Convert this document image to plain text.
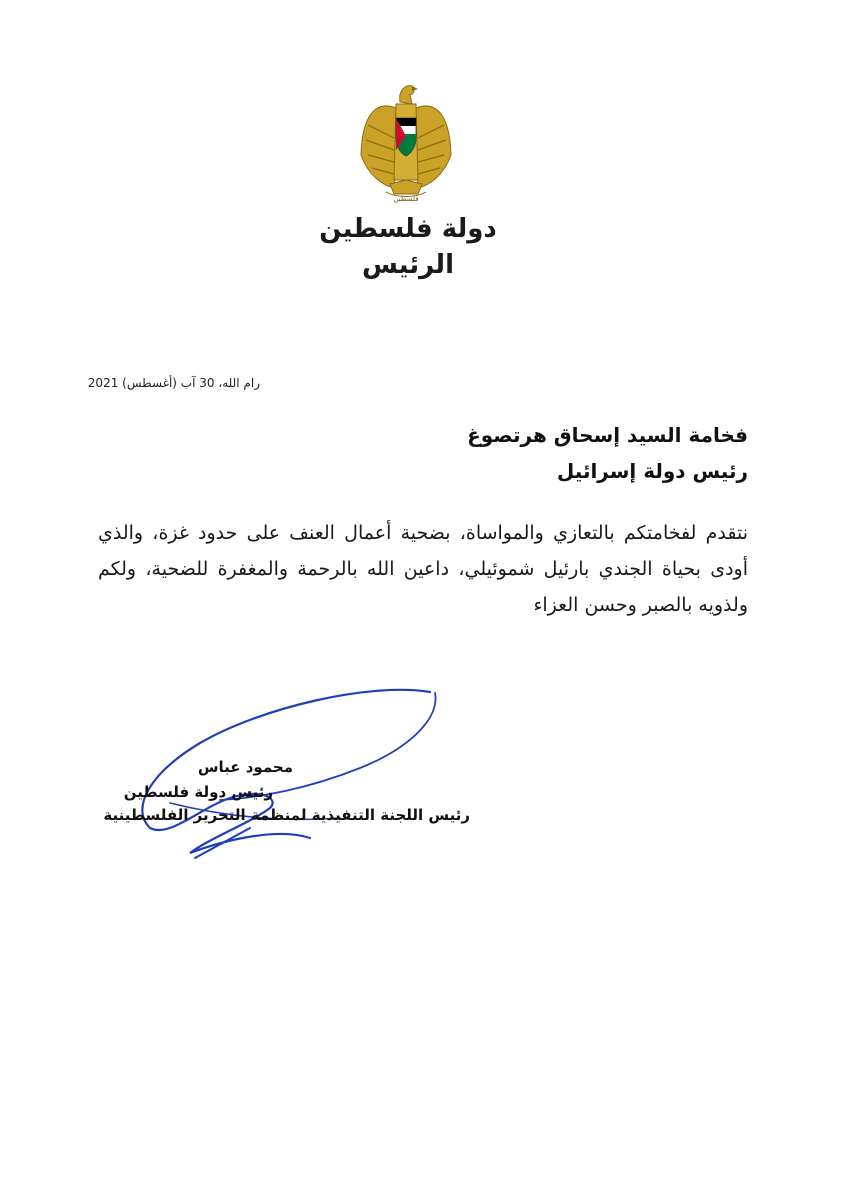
فلسطين
دولة فلسطين
الرئيس
رام الله، 30 آب (أغسطس) 2021
فخامة السيد إسحاق هرتصوغ
رئيس دولة إسرائيل
نتقدم لفخامتكم بالتعازي والمواساة، بضحية أعمال العنف على حدود غزة، والذي أودى بحياة الجندي بارئيل شموئيلي، داعين الله بالرحمة والمغفرة للضحية، ولكم ولذويه بالصبر وحسن العزاء
محمود عباس
رئيس دولة فلسطين
رئيس اللجنة التنفيذية لمنظمة التحرير الفلسطينية
